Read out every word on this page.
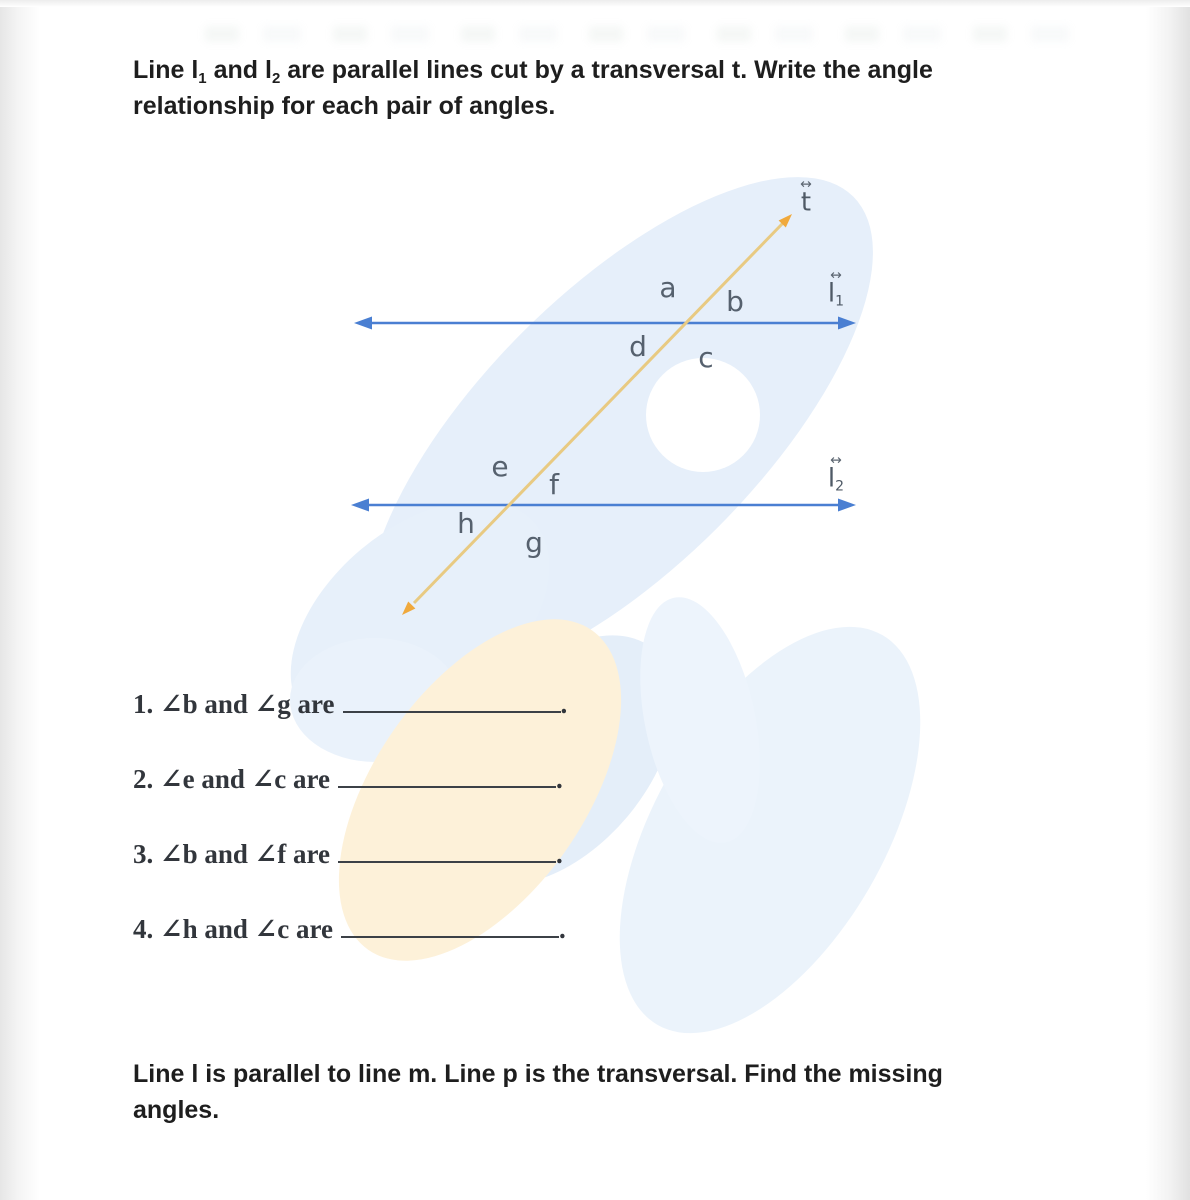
Line $l_1$ and $l_2$ are parallel lines cut by a transversal t. Write the angle
relationship for each pair of angles.
a b
d c
e
f
h
g
↔
t
↔
$l_1$
↔
$l_2$
1. ∠b and ∠g are	.
2. ∠e and ∠c are	.
3. ∠b and ∠f are	.
4. ∠h and ∠c are	.
Line l is parallel to line m. Line p is the transversal. Find the missing
angles.
